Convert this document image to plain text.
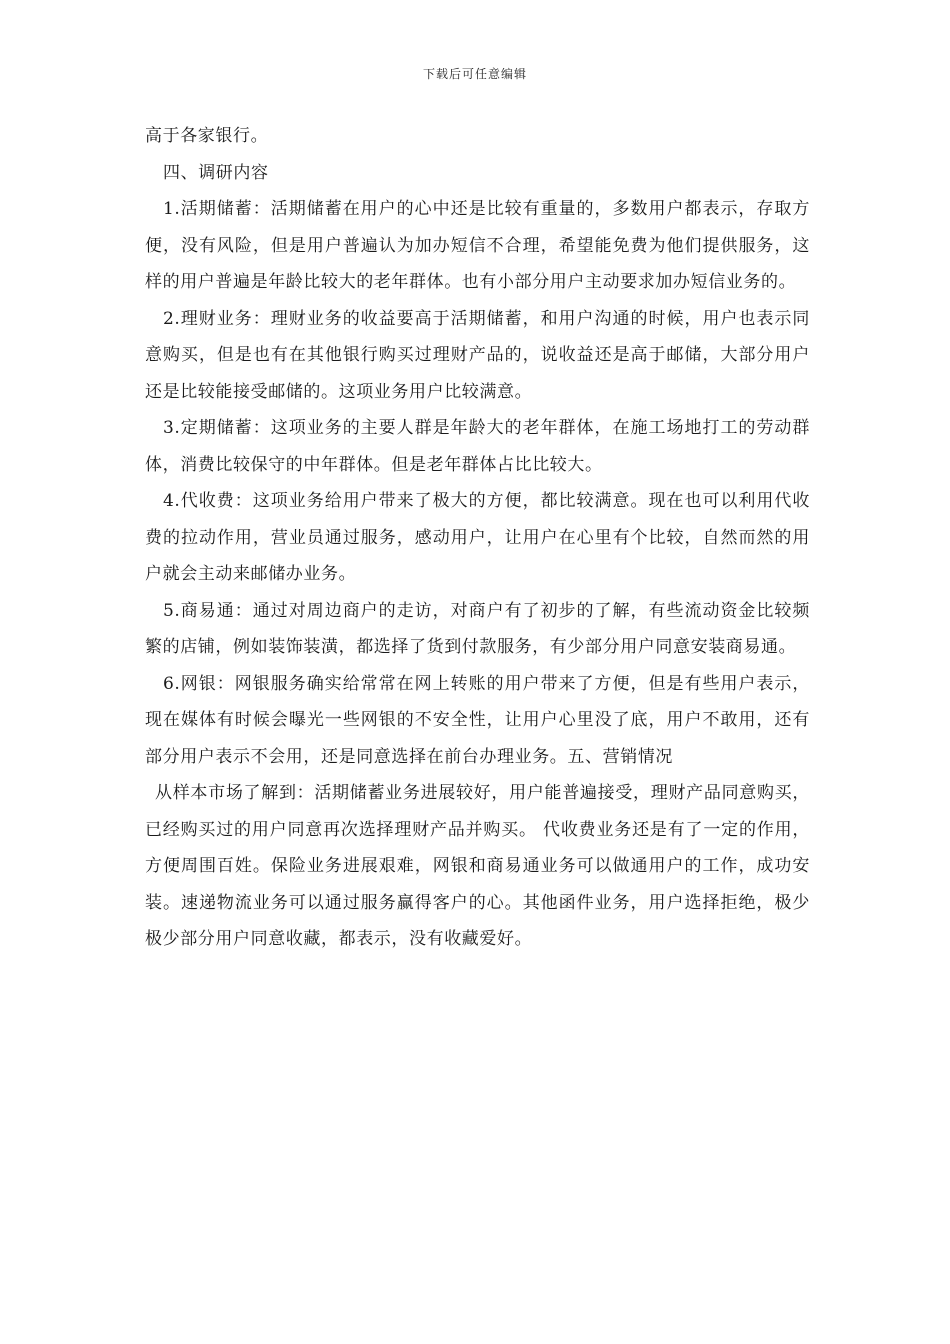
下载后可任意编辑

高于各家银行。

四、调研内容

1.活期储蓄：活期储蓄在用户的心中还是比较有重量的，多数用户都表示，存取方便，没有风险，但是用户普遍认为加办短信不合理，希望能免费为他们提供服务，这样的用户普遍是年龄比较大的老年群体。也有小部分用户主动要求加办短信业务的。

2.理财业务：理财业务的收益要高于活期储蓄，和用户沟通的时候，用户也表示同意购买，但是也有在其他银行购买过理财产品的，说收益还是高于邮储，大部分用户还是比较能接受邮储的。这项业务用户比较满意。

3.定期储蓄：这项业务的主要人群是年龄大的老年群体，在施工场地打工的劳动群体，消费比较保守的中年群体。但是老年群体占比比较大。

4.代收费：这项业务给用户带来了极大的方便，都比较满意。现在也可以利用代收费的拉动作用，营业员通过服务，感动用户，让用户在心里有个比较，自然而然的用户就会主动来邮储办业务。

5.商易通：通过对周边商户的走访，对商户有了初步的了解，有些流动资金比较频繁的店铺，例如装饰装潢，都选择了货到付款服务，有少部分用户同意安装商易通。

6.网银：网银服务确实给常常在网上转账的用户带来了方便，但是有些用户表示，现在媒体有时候会曝光一些网银的不安全性，让用户心里没了底，用户不敢用，还有部分用户表示不会用，还是同意选择在前台办理业务。五、营销情况

从样本市场了解到：活期储蓄业务进展较好，用户能普遍接受，理财产品同意购买，已经购买过的用户同意再次选择理财产品并购买。 代收费业务还是有了一定的作用，方便周围百姓。保险业务进展艰难，网银和商易通业务可以做通用户的工作，成功安装。速递物流业务可以通过服务赢得客户的心。其他函件业务，用户选择拒绝，极少极少部分用户同意收藏，都表示，没有收藏爱好。
